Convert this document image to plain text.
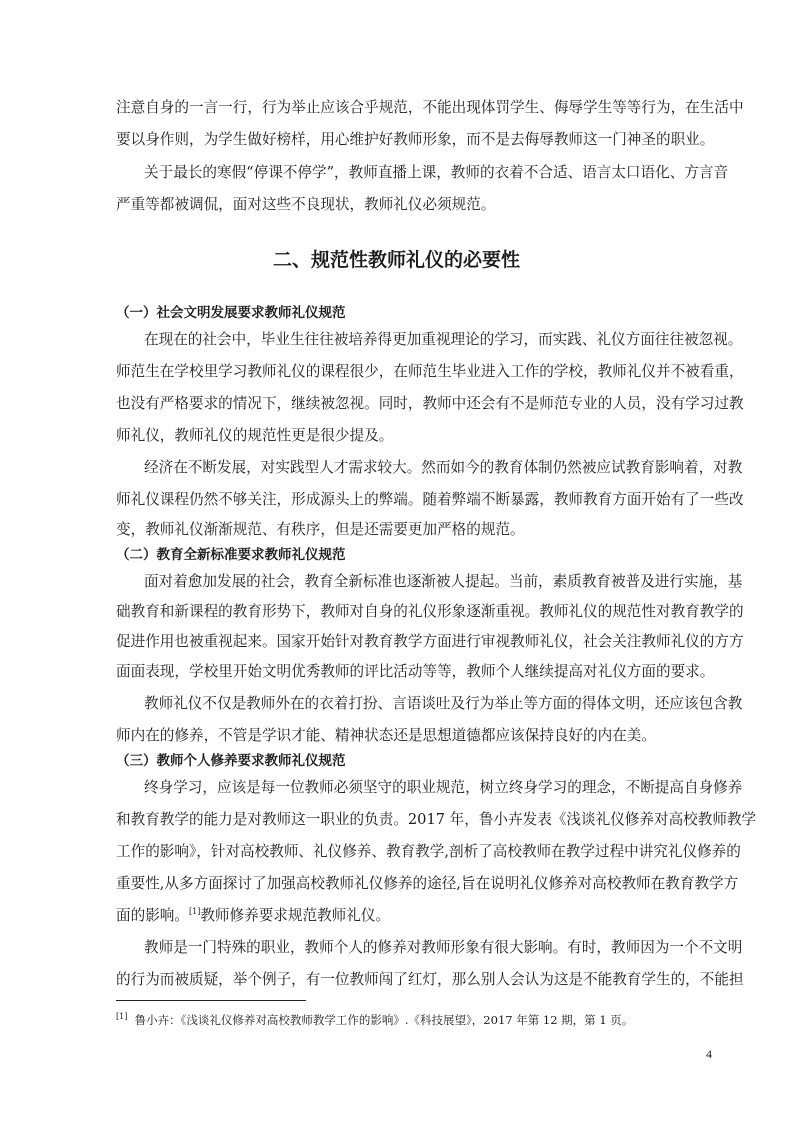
注意自身的一言一行，行为举止应该合乎规范，不能出现体罚学生、侮辱学生等等行为，在生活中
要以身作则，为学生做好榜样，用心维护好教师形象，而不是去侮辱教师这一门神圣的职业。
关于最长的寒假“停课不停学”，教师直播上课，教师的衣着不合适、语言太口语化、方言音
严重等都被调侃，面对这些不良现状，教师礼仪必须规范。
二、规范性教师礼仪的必要性
（一）社会文明发展要求教师礼仪规范
在现在的社会中，毕业生往往被培养得更加重视理论的学习，而实践、礼仪方面往往被忽视。
师范生在学校里学习教师礼仪的课程很少，在师范生毕业进入工作的学校，教师礼仪并不被看重，
也没有严格要求的情况下，继续被忽视。同时，教师中还会有不是师范专业的人员，没有学习过教
师礼仪，教师礼仪的规范性更是很少提及。
经济在不断发展，对实践型人才需求较大。然而如今的教育体制仍然被应试教育影响着，对教
师礼仪课程仍然不够关注，形成源头上的弊端。随着弊端不断暴露，教师教育方面开始有了一些改
变，教师礼仪渐渐规范、有秩序，但是还需要更加严格的规范。
（二）教育全新标准要求教师礼仪规范
面对着愈加发展的社会，教育全新标准也逐渐被人提起。当前，素质教育被普及进行实施，基
础教育和新课程的教育形势下，教师对自身的礼仪形象逐渐重视。教师礼仪的规范性对教育教学的
促进作用也被重视起来。国家开始针对教育教学方面进行审视教师礼仪，社会关注教师礼仪的方方
面面表现，学校里开始文明优秀教师的评比活动等等，教师个人继续提高对礼仪方面的要求。
教师礼仪不仅是教师外在的衣着打扮、言语谈吐及行为举止等方面的得体文明，还应该包含教
师内在的修养，不管是学识才能、精神状态还是思想道德都应该保持良好的内在美。
（三）教师个人修养要求教师礼仪规范
终身学习，应该是每一位教师必须坚守的职业规范，树立终身学习的理念，不断提高自身修养
和教育教学的能力是对教师这一职业的负责。2017 年，鲁小卉发表《浅谈礼仪修养对高校教师教学
工作的影响》，针对高校教师、礼仪修养、教育教学,剖析了高校教师在教学过程中讲究礼仪修养的
重要性,从多方面探讨了加强高校教师礼仪修养的途径,旨在说明礼仪修养对高校教师在教育教学方
面的影响。[1]教师修养要求规范教师礼仪。
教师是一门特殊的职业，教师个人的修养对教师形象有很大影响。有时，教师因为一个不文明
的行为而被质疑，举个例子，有一位教师闯了红灯，那么别人会认为这是不能教育学生的，不能担
[1] 鲁小卉：《浅谈礼仪修养对高校教师教学工作的影响》.《科技展望》，2017 年第 12 期，第 1 页。
4
